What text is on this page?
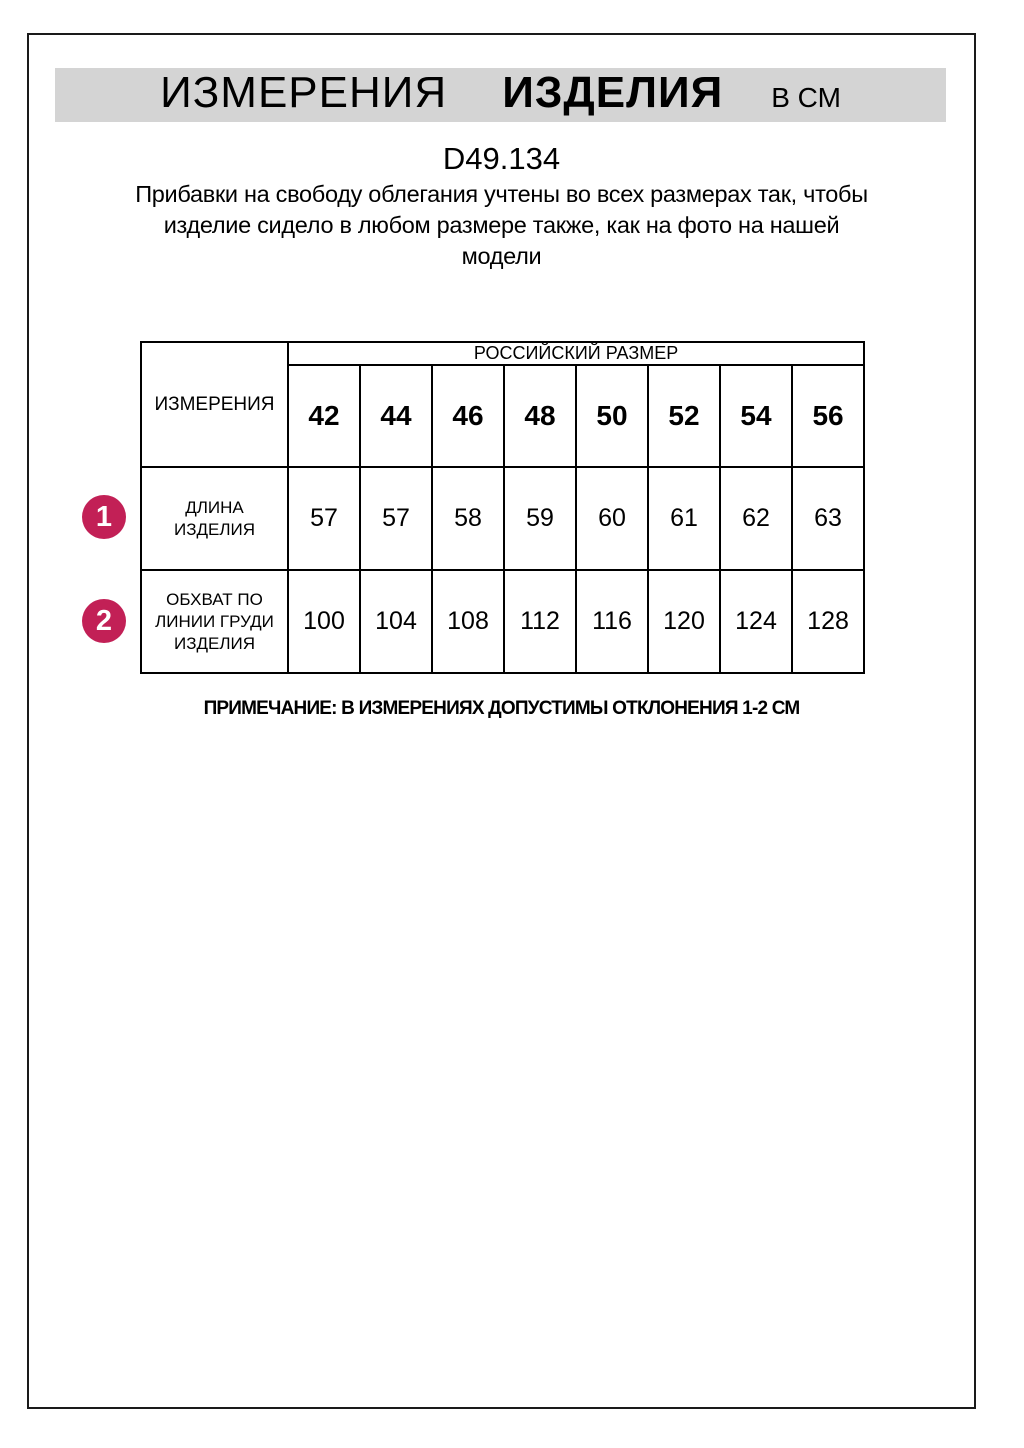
ИЗМЕРЕНИЯ ИЗДЕЛИЯ В СМ
D49.134
Прибавки на свободу облегания учтены во всех размерах так, чтобы
изделие сидело в любом размере также, как на фото на нашей
модели
ИЗМЕРЕНИЯ	РОССИЙСКИЙ РАЗМЕР							
	42	44	46	48	50	52	54	56

ДЛИНА
ИЗДЕЛИЯ	57	57	58	59	60	61	62	63

ОБХВАТ ПО
ЛИНИИ ГРУДИ
ИЗДЕЛИЯ	100	104	108	112	116	120	124	128
1
2
ПРИМЕЧАНИЕ: В ИЗМЕРЕНИЯХ ДОПУСТИМЫ ОТКЛОНЕНИЯ 1-2 СМ
